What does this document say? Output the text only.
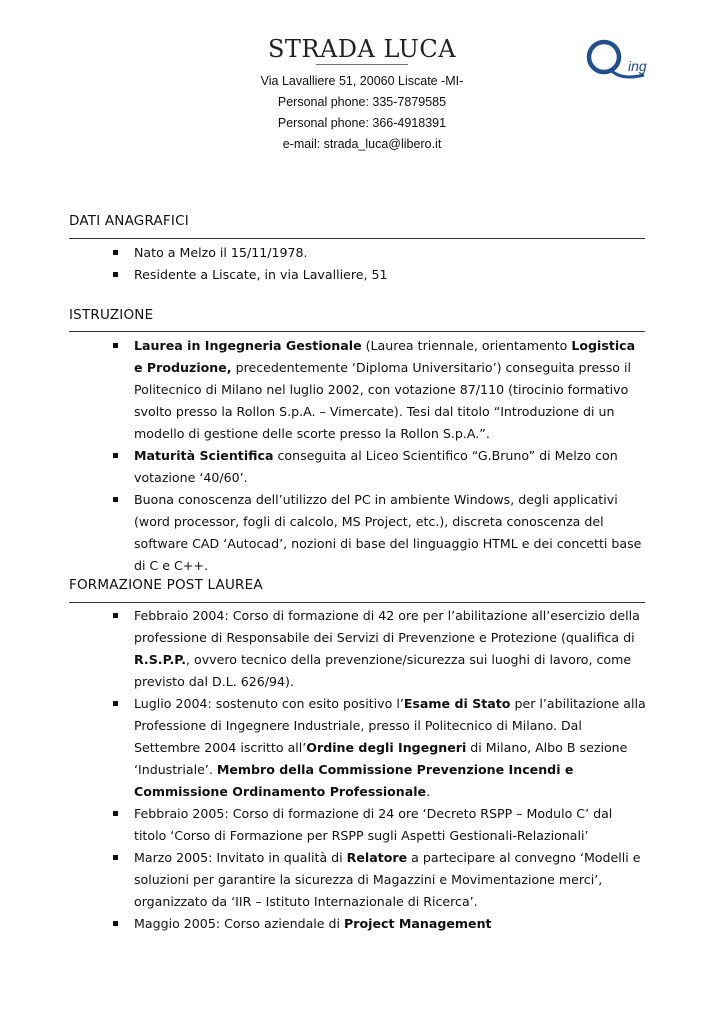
STRADA LUCA
Via Lavalliere 51, 20060 Liscate -MI-
Personal phone: 335-7879585
Personal phone: 366-4918391
e-mail: strada_luca@libero.it
ing
DATI ANAGRAFICI
Nato a Melzo il 15/11/1978.
Residente a Liscate, in via Lavalliere, 51
ISTRUZIONE
Laurea in Ingegneria Gestionale (Laurea triennale, orientamento Logistica e Produzione, precedentemente ‘Diploma Universitario’) conseguita presso il Politecnico di Milano nel luglio 2002, con votazione 87/110 (tirocinio formativo svolto presso la Rollon S.p.A. – Vimercate). Tesi dal titolo “Introduzione di un modello di gestione delle scorte presso la Rollon S.p.A.”.
Maturità Scientifica conseguita al Liceo Scientifico “G.Bruno” di Melzo con votazione ‘40/60’.
Buona conoscenza dell’utilizzo del PC in ambiente Windows, degli applicativi (word processor, fogli di calcolo, MS Project, etc.), discreta conoscenza del software CAD ‘Autocad’, nozioni di base del linguaggio HTML e dei concetti base di C e C++.
FORMAZIONE POST LAUREA
Febbraio 2004: Corso di formazione di 42 ore per l’abilitazione all’esercizio della professione di Responsabile dei Servizi di Prevenzione e Protezione (qualifica di R.S.P.P., ovvero tecnico della prevenzione/sicurezza sui luoghi di lavoro, come previsto dal D.L. 626/94).
Luglio 2004: sostenuto con esito positivo l’Esame di Stato per l’abilitazione alla Professione di Ingegnere Industriale, presso il Politecnico di Milano. Dal Settembre 2004 iscritto all’Ordine degli Ingegneri di Milano, Albo B sezione ‘Industriale’. Membro della Commissione Prevenzione Incendi e Commissione Ordinamento Professionale.
Febbraio 2005: Corso di formazione di 24 ore ‘Decreto RSPP – Modulo C’ dal titolo ‘Corso di Formazione per RSPP sugli Aspetti Gestionali-Relazionali’
Marzo 2005: Invitato in qualità di Relatore a partecipare al convegno ‘Modelli e soluzioni per garantire la sicurezza di Magazzini e Movimentazione merci’, organizzato da ‘IIR – Istituto Internazionale di Ricerca’.
Maggio 2005: Corso aziendale di Project Management
